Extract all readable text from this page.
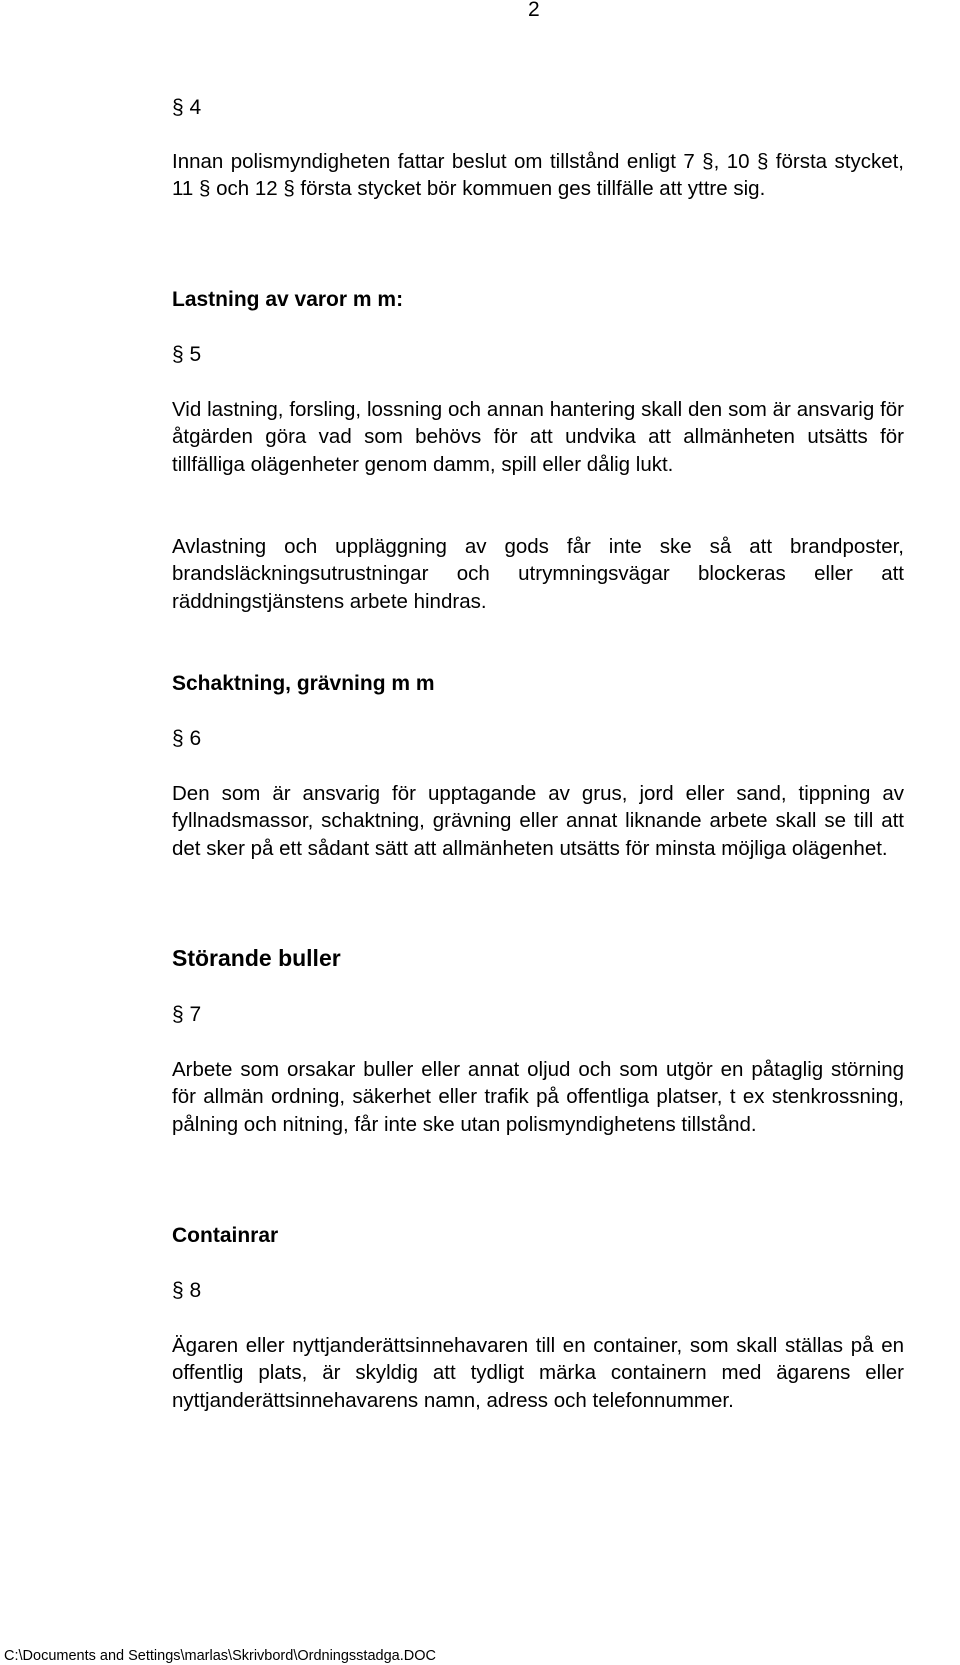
2

§ 4

Innan polismyndigheten fattar beslut om tillstånd enligt 7 §, 10 § första stycket, 11 § och 12 § första stycket bör kommuen ges tillfälle att yttre sig.

Lastning av varor m m:

§ 5

Vid lastning, forsling, lossning och annan hantering skall den som är ansvarig för åtgärden göra vad som behövs för att undvika att allmänheten utsätts för tillfälliga olägenheter genom damm, spill eller dålig lukt.

Avlastning och uppläggning av gods får inte ske så att brandposter, brandsläckningsutrustningar och utrymningsvägar blockeras eller att räddningstjänstens arbete hindras.

Schaktning, grävning m m

§ 6

Den som är ansvarig för upptagande av grus, jord eller sand, tippning av fyllnadsmassor, schaktning, grävning eller annat liknande arbete skall se till att det sker på ett sådant sätt att allmänheten utsätts för minsta möjliga olägenhet.

Störande buller

§ 7

Arbete som orsakar buller eller annat oljud och som utgör en påtaglig störning för allmän ordning, säkerhet eller trafik på offentliga platser, t ex stenkrossning, pålning och nitning, får inte ske utan polismyndighetens tillstånd.

Containrar

§ 8

Ägaren eller nyttjanderättsinnehavaren till en container, som skall ställas på en offentlig plats, är skyldig att tydligt märka containern med ägarens eller nyttjanderättsinnehavarens namn, adress och telefonnummer.

C:\Documents and Settings\marlas\Skrivbord\Ordningsstadga.DOC
